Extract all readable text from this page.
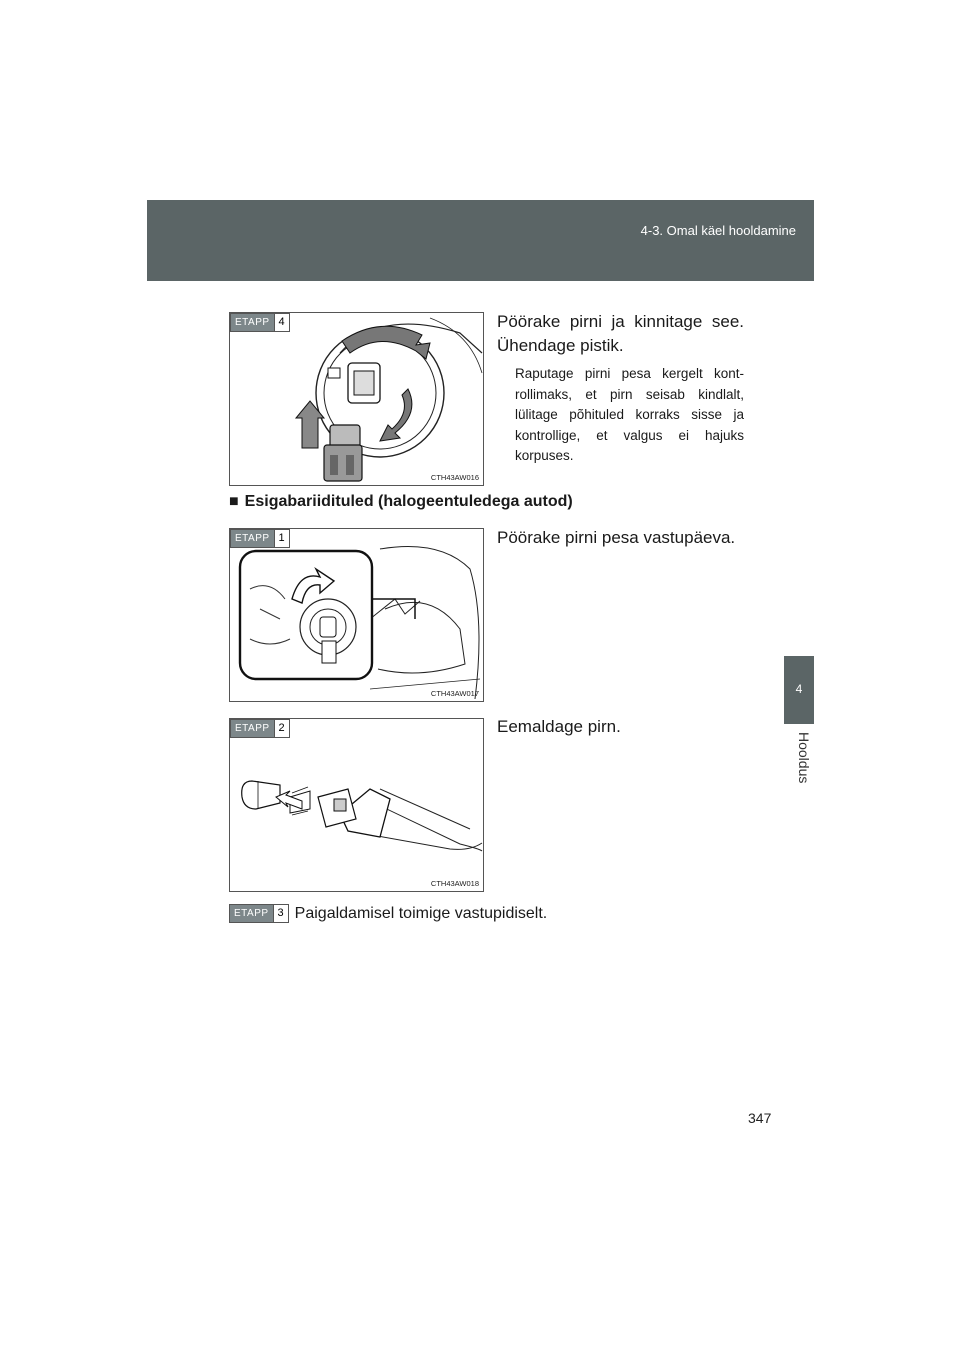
4-3. Omal käel hooldamine
4
Hooldus
ETAPP 4
CTH43AW016
Pöörake pirni ja kinnitage see.
Ühendage pistik.
Raputage pirni pesa kergelt kont-rollimaks, et pirn seisab kindlalt, lülitage põhituled korraks sisse ja kontrollige, et valgus ei hajuks korpuses.
■ Esigabariidituled (halogeentuledega autod)
ETAPP 1
CTH43AW017
Pöörake pirni pesa vastupäeva.
ETAPP 2
CTH43AW018
Eemaldage pirn.
ETAPP 3 Paigaldamisel toimige vastupidiselt.
347
